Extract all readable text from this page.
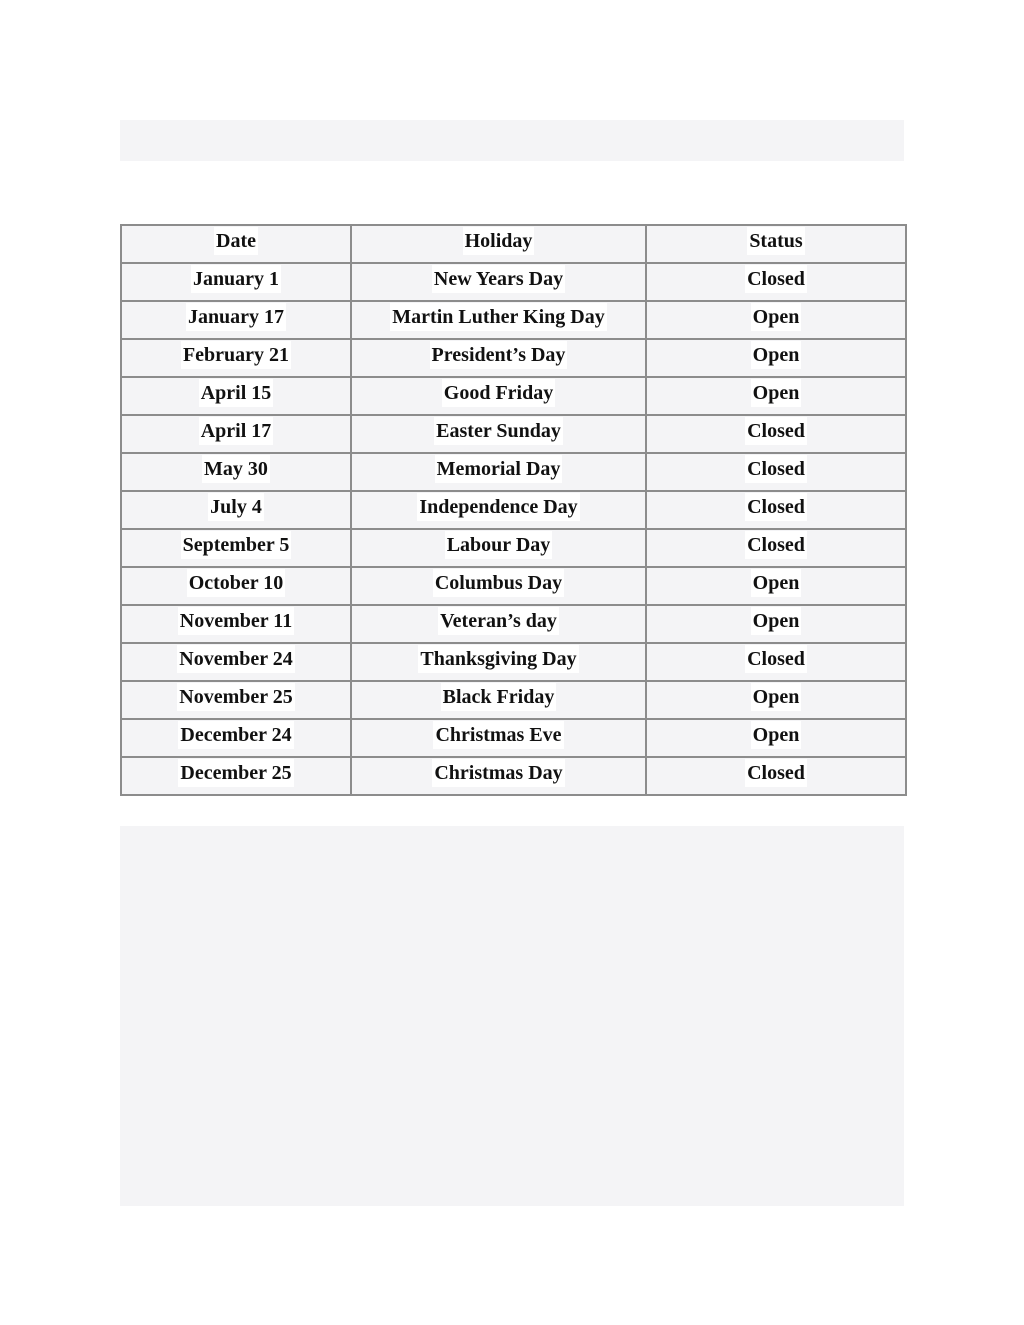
Date	Holiday	Status
January 1	New Years Day	Closed
January 17	Martin Luther King Day	Open
February 21	President’s Day	Open
April 15	Good Friday	Open
April 17	Easter Sunday	Closed
May 30	Memorial Day	Closed
July 4	Independence Day	Closed
September 5	Labour Day	Closed
October 10	Columbus Day	Open
November 11	Veteran’s day	Open
November 24	Thanksgiving Day	Closed
November 25	Black Friday	Open
December 24	Christmas Eve	Open
December 25	Christmas Day	Closed
